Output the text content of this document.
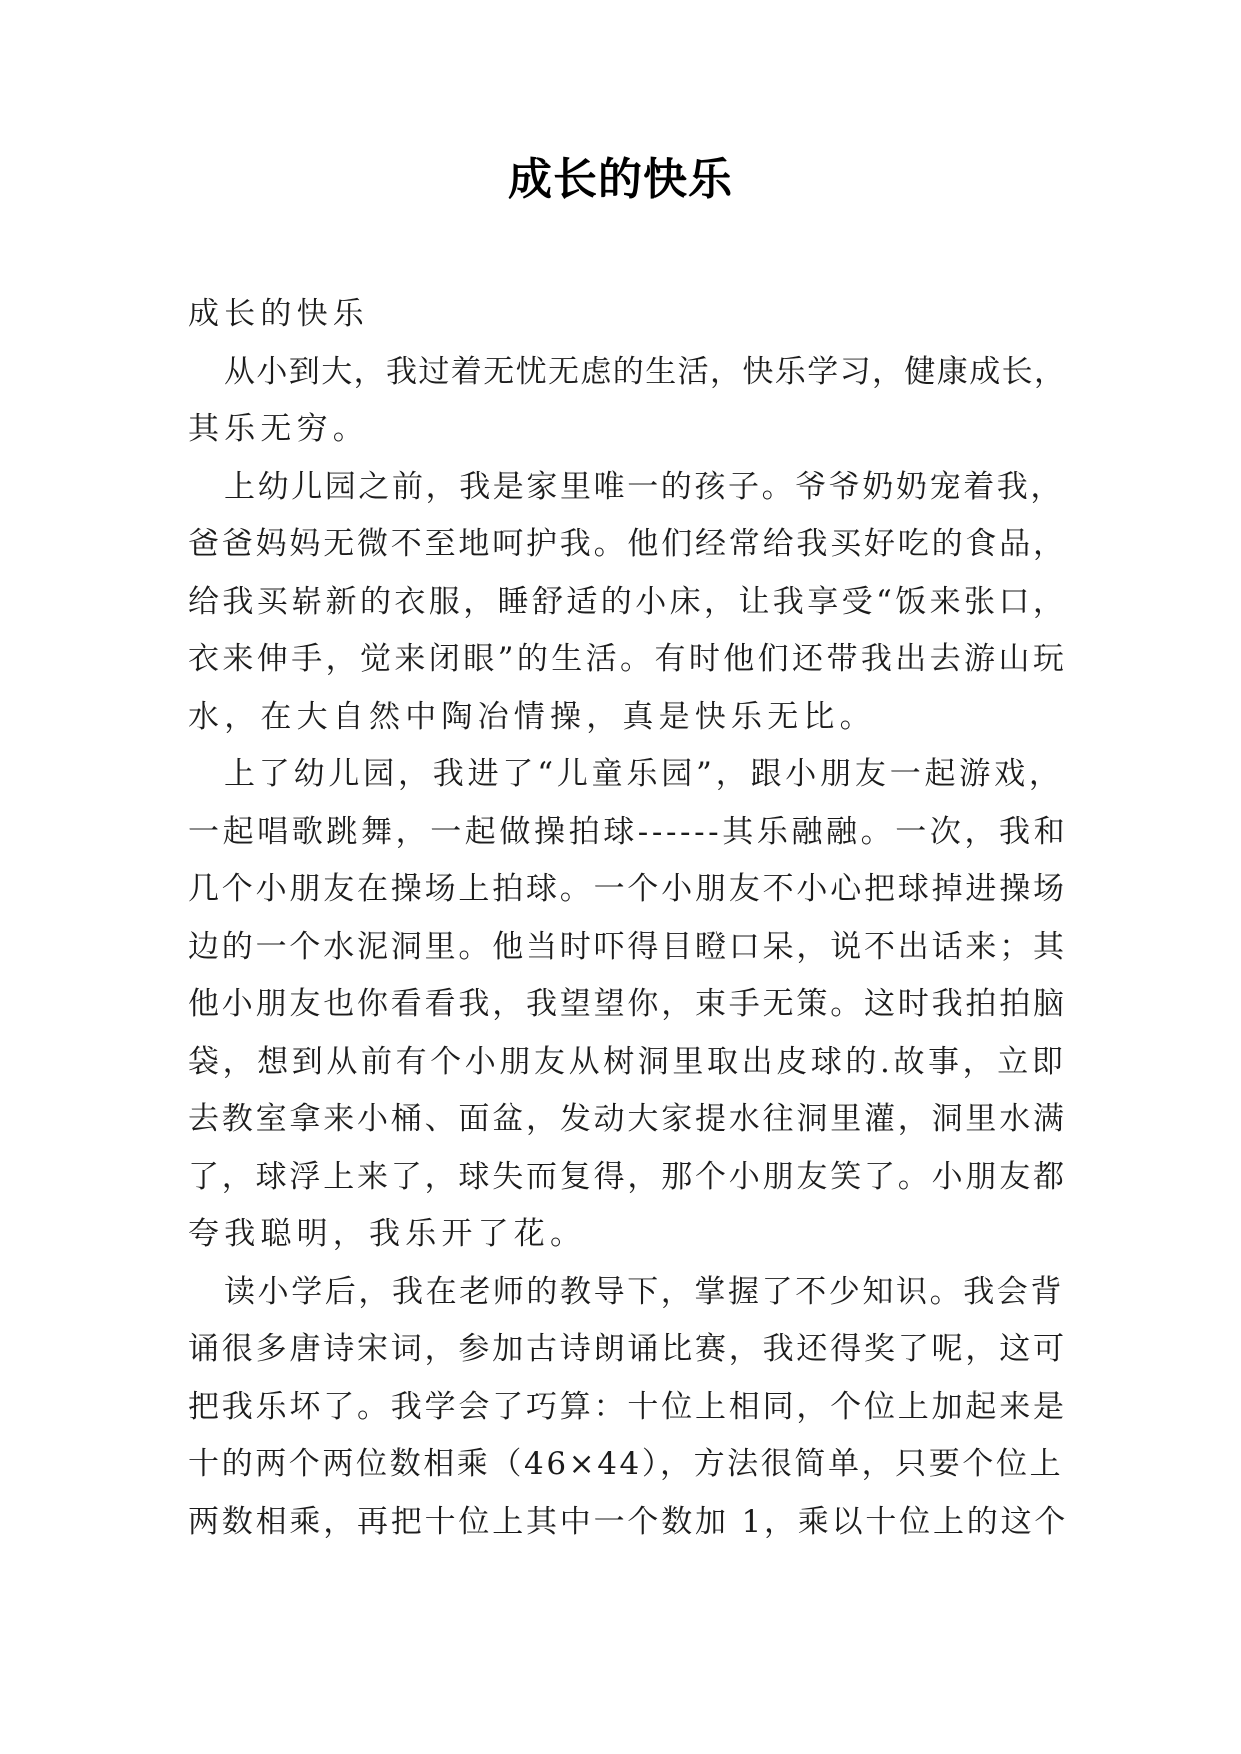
成长的快乐
成长的快乐
从小到大，我过着无忧无虑的生活，快乐学习，健康成长，
其乐无穷。
上幼儿园之前，我是家里唯一的孩子。爷爷奶奶宠着我，
爸爸妈妈无微不至地呵护我。他们经常给我买好吃的食品，
给我买崭新的衣服，睡舒适的小床，让我享受“饭来张口，
衣来伸手，觉来闭眼”的生活。有时他们还带我出去游山玩
水，在大自然中陶冶情操，真是快乐无比。
上了幼儿园，我进了“儿童乐园”，跟小朋友一起游戏，
一起唱歌跳舞，一起做操拍球------其乐融融。一次，我和
几个小朋友在操场上拍球。一个小朋友不小心把球掉进操场
边的一个水泥洞里。他当时吓得目瞪口呆，说不出话来；其
他小朋友也你看看我，我望望你，束手无策。这时我拍拍脑
袋，想到从前有个小朋友从树洞里取出皮球的.故事，立即
去教室拿来小桶、面盆，发动大家提水往洞里灌，洞里水满
了，球浮上来了，球失而复得，那个小朋友笑了。小朋友都
夸我聪明，我乐开了花。
读小学后，我在老师的教导下，掌握了不少知识。我会背
诵很多唐诗宋词，参加古诗朗诵比赛，我还得奖了呢，这可
把我乐坏了。我学会了巧算：十位上相同，个位上加起来是
十的两个两位数相乘（46×44），方法很简单，只要个位上
两数相乘，再把十位上其中一个数加 1，乘以十位上的这个
